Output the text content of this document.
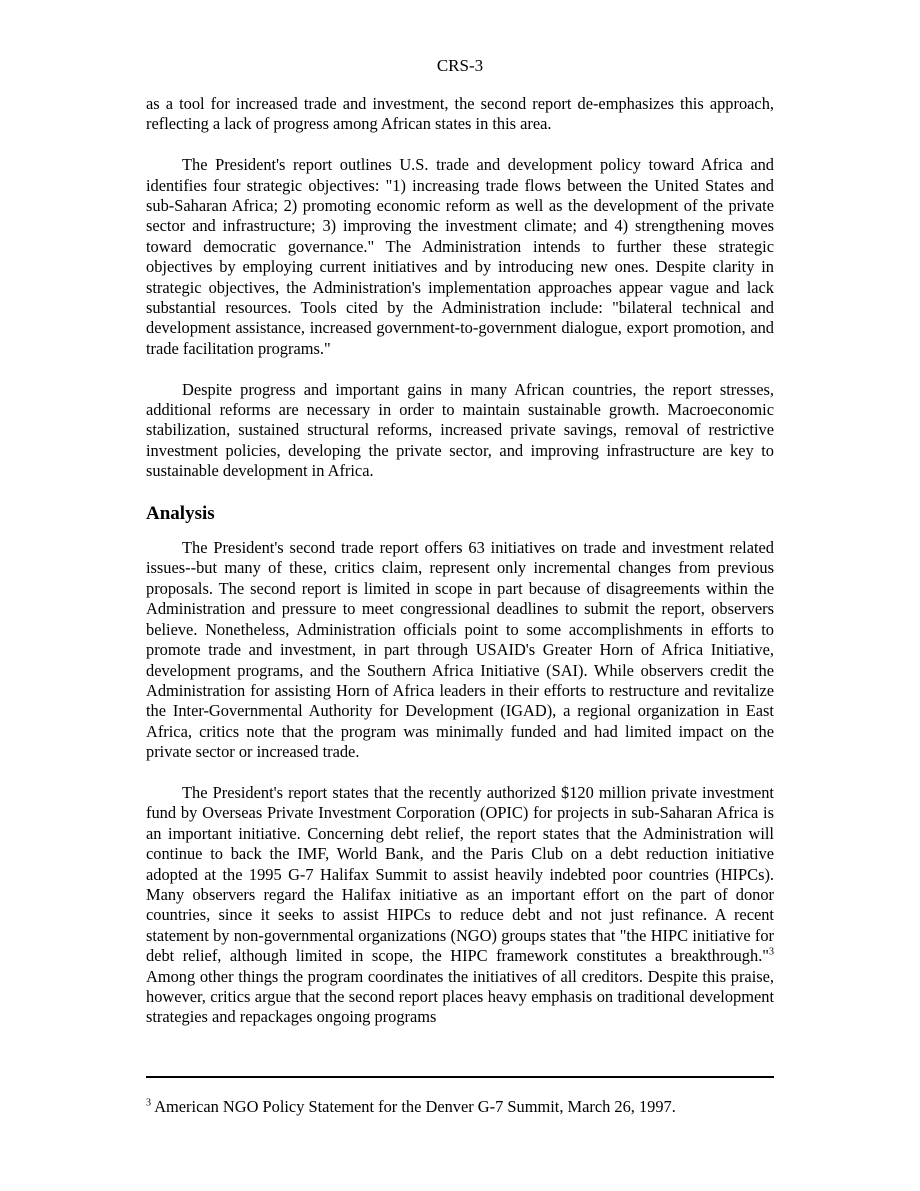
CRS-3

as a tool for increased trade and investment, the second report de-emphasizes this approach, reflecting a lack of progress among African states in this area.

The President's report outlines U.S. trade and development policy toward Africa and identifies four strategic objectives: "1) increasing trade flows between the United States and sub-Saharan Africa; 2) promoting economic reform as well as the development of the private sector and infrastructure; 3) improving the investment climate; and 4) strengthening moves toward democratic governance." The Administration intends to further these strategic objectives by employing current initiatives and by introducing new ones. Despite clarity in strategic objectives, the Administration's implementation approaches appear vague and lack substantial resources. Tools cited by the Administration include: "bilateral technical and development assistance, increased government-to-government dialogue, export promotion, and trade facilitation programs."

Despite progress and important gains in many African countries, the report stresses, additional reforms are necessary in order to maintain sustainable growth. Macroeconomic stabilization, sustained structural reforms, increased private savings, removal of restrictive investment policies, developing the private sector, and improving infrastructure are key to sustainable development in Africa.

Analysis

The President's second trade report offers 63 initiatives on trade and investment related issues--but many of these, critics claim, represent only incremental changes from previous proposals. The second report is limited in scope in part because of disagreements within the Administration and pressure to meet congressional deadlines to submit the report, observers believe. Nonetheless, Administration officials point to some accomplishments in efforts to promote trade and investment, in part through USAID's Greater Horn of Africa Initiative, development programs, and the Southern Africa Initiative (SAI). While observers credit the Administration for assisting Horn of Africa leaders in their efforts to restructure and revitalize the Inter-Governmental Authority for Development (IGAD), a regional organization in East Africa, critics note that the program was minimally funded and had limited impact on the private sector or increased trade.

The President's report states that the recently authorized $120 million private investment fund by Overseas Private Investment Corporation (OPIC) for projects in sub-Saharan Africa is an important initiative. Concerning debt relief, the report states that the Administration will continue to back the IMF, World Bank, and the Paris Club on a debt reduction initiative adopted at the 1995 G-7 Halifax Summit to assist heavily indebted poor countries (HIPCs). Many observers regard the Halifax initiative as an important effort on the part of donor countries, since it seeks to assist HIPCs to reduce debt and not just refinance. A recent statement by non-governmental organizations (NGO) groups states that "the HIPC initiative for debt relief, although limited in scope, the HIPC framework constitutes a breakthrough."$^3$ Among other things the program coordinates the initiatives of all creditors. Despite this praise, however, critics argue that the second report places heavy emphasis on traditional development strategies and repackages ongoing programs

$^3$ American NGO Policy Statement for the Denver G-7 Summit, March 26, 1997.
